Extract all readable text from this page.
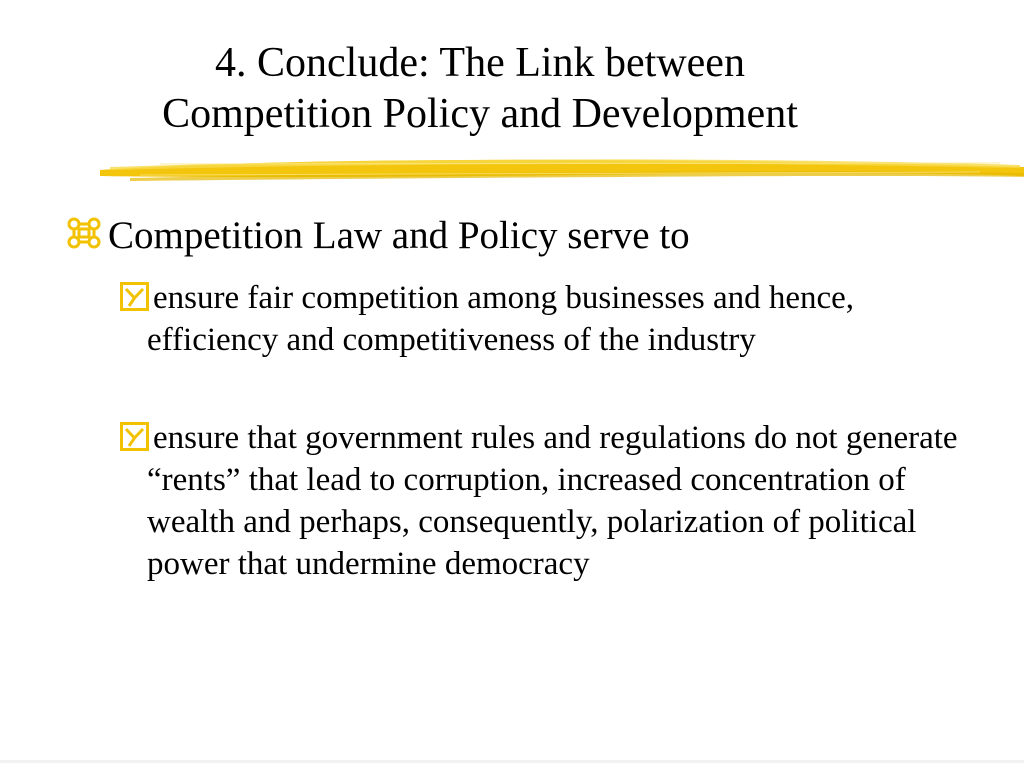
4. Conclude: The Link between
Competition Policy and Development
Competition Law and Policy serve to
ensure fair competition among businesses and hence, efficiency and competitiveness of the industry
ensure that government rules and regulations do not generate “rents” that lead to corruption, increased concentration of wealth and perhaps, consequently, polarization of political power that undermine democracy
